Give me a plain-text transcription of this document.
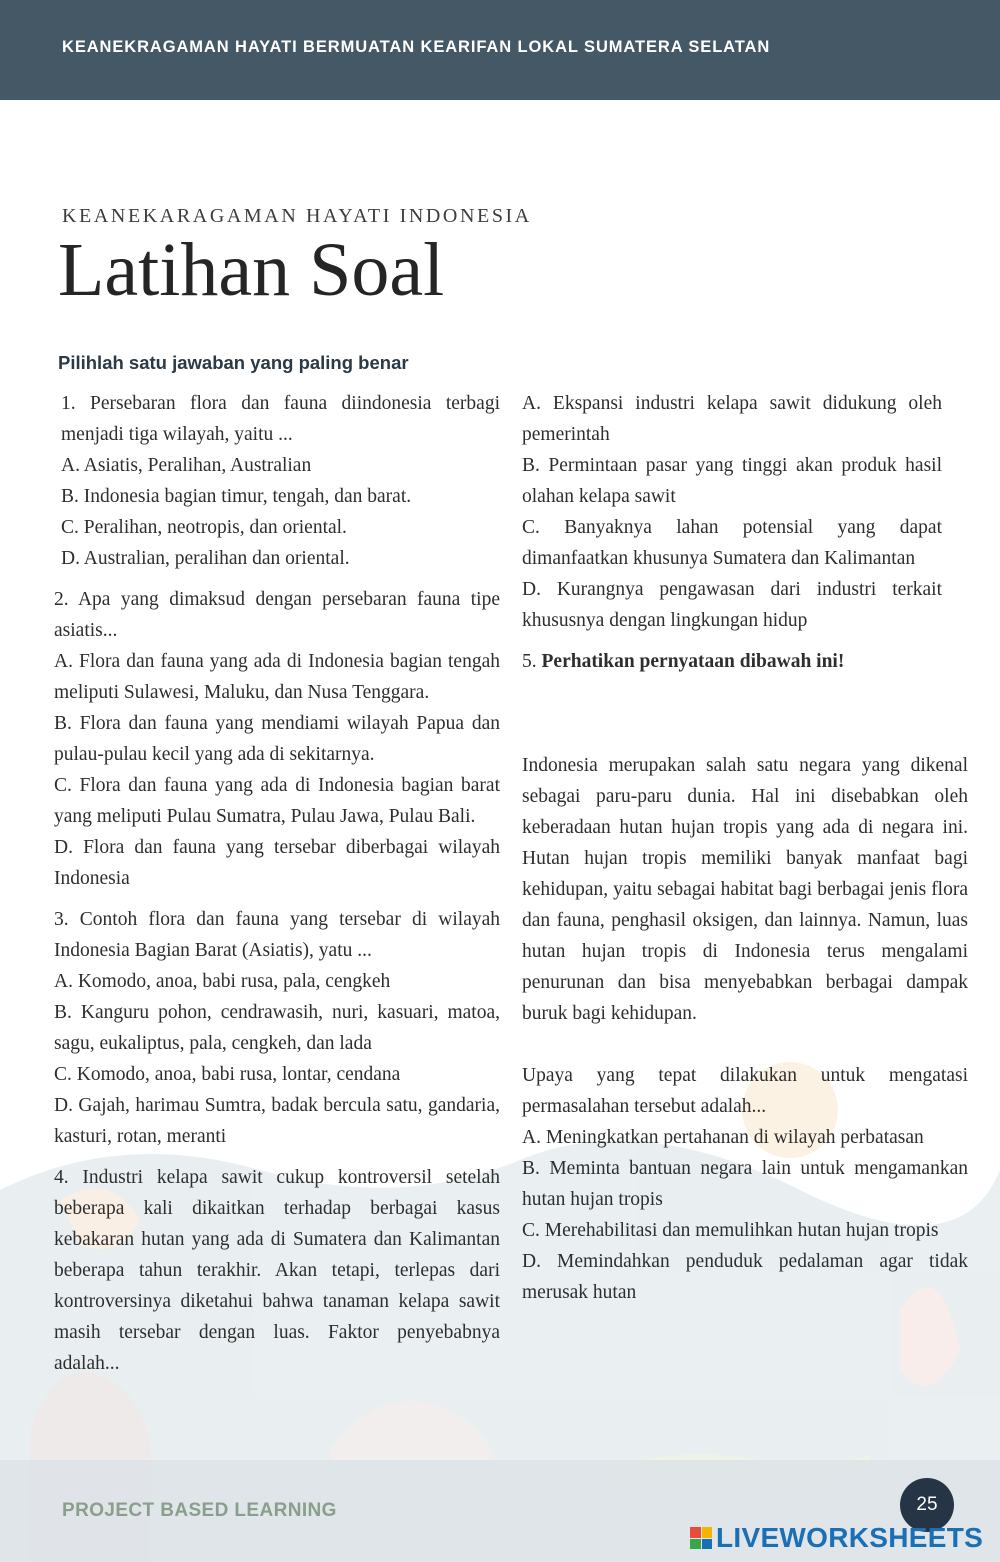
KEANEKRAGAMAN HAYATI BERMUATAN KEARIFAN LOKAL SUMATERA SELATAN
KEANEKARAGAMAN HAYATI INDONESIA
Latihan Soal
Pilihlah satu jawaban yang paling benar

1. Persebaran flora dan fauna diindonesia terbagi menjadi tiga wilayah, yaitu ...

A. Asiatis, Peralihan, Australian

B. Indonesia bagian timur, tengah, dan barat.

C. Peralihan, neotropis, dan oriental.

D. Australian, peralihan dan oriental.

2. Apa yang dimaksud dengan persebaran fauna tipe asiatis...

A. Flora dan fauna yang ada di Indonesia bagian tengah meliputi Sulawesi, Maluku, dan Nusa Tenggara.

B. Flora dan fauna yang mendiami wilayah Papua dan pulau-pulau kecil yang ada di sekitarnya.

C. Flora dan fauna yang ada di Indonesia bagian barat yang meliputi Pulau Sumatra, Pulau Jawa, Pulau Bali.

D. Flora dan fauna yang tersebar diberbagai wilayah Indonesia

3. Contoh flora dan fauna yang tersebar di wilayah Indonesia Bagian Barat (Asiatis), yatu ...

A. Komodo, anoa, babi rusa, pala, cengkeh

B. Kanguru pohon, cendrawasih, nuri, kasuari, matoa, sagu, eukaliptus, pala, cengkeh, dan lada

C. Komodo, anoa, babi rusa, lontar, cendana

D. Gajah, harimau Sumtra, badak bercula satu, gandaria, kasturi, rotan, meranti

4. Industri kelapa sawit cukup kontroversil setelah beberapa kali dikaitkan terhadap berbagai kasus kebakaran hutan yang ada di Sumatera dan Kalimantan beberapa tahun terakhir. Akan tetapi, terlepas dari kontroversinya diketahui bahwa tanaman kelapa sawit masih tersebar dengan luas. Faktor penyebabnya adalah...

A. Ekspansi industri kelapa sawit didukung oleh pemerintah

B. Permintaan pasar yang tinggi akan produk hasil olahan kelapa sawit

C. Banyaknya lahan potensial yang dapat dimanfaatkan khusunya Sumatera dan Kalimantan

D. Kurangnya pengawasan dari industri terkait khususnya dengan lingkungan hidup

5. Perhatikan pernyataan dibawah ini!

Indonesia merupakan salah satu negara yang dikenal sebagai paru-paru dunia. Hal ini disebabkan oleh keberadaan hutan hujan tropis yang ada di negara ini. Hutan hujan tropis memiliki banyak manfaat bagi kehidupan, yaitu sebagai habitat bagi berbagai jenis flora dan fauna, penghasil oksigen, dan lainnya. Namun, luas hutan hujan tropis di Indonesia terus mengalami penurunan dan bisa menyebabkan berbagai dampak buruk bagi kehidupan.

Upaya yang tepat dilakukan untuk mengatasi permasalahan tersebut adalah...

A. Meningkatkan pertahanan di wilayah perbatasan

B. Meminta bantuan negara lain untuk mengamankan hutan hujan tropis

C. Merehabilitasi dan memulihkan hutan hujan tropis

D. Memindahkan penduduk pedalaman agar tidak merusak hutan

PROJECT BASED LEARNING	25
LIVEWORKSHEETS
